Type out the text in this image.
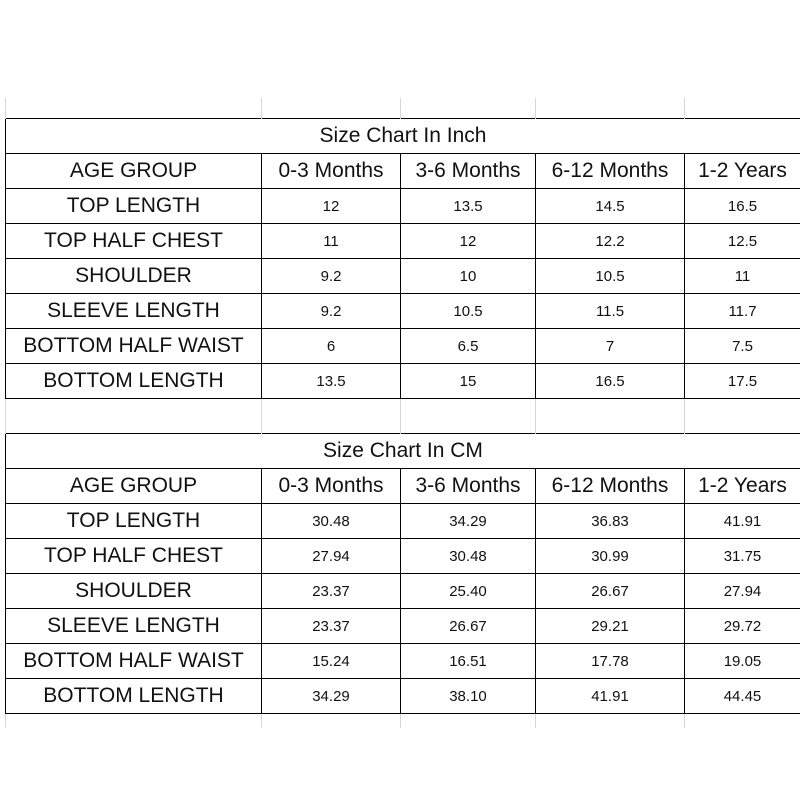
Size Chart In Inch				
AGE GROUP	0-3 Months	3-6 Months	6-12 Months	1-2 Years
TOP LENGTH	12	13.5	14.5	16.5
TOP HALF CHEST	11	12	12.2	12.5
SHOULDER	9.2	10	10.5	11
SLEEVE LENGTH	9.2	10.5	11.5	11.7
BOTTOM HALF WAIST	6	6.5	7	7.5
BOTTOM LENGTH	13.5	15	16.5	17.5

Size Chart In CM				
AGE GROUP	0-3 Months	3-6 Months	6-12 Months	1-2 Years
TOP LENGTH	30.48	34.29	36.83	41.91
TOP HALF CHEST	27.94	30.48	30.99	31.75
SHOULDER	23.37	25.40	26.67	27.94
SLEEVE LENGTH	23.37	26.67	29.21	29.72
BOTTOM HALF WAIST	15.24	16.51	17.78	19.05
BOTTOM LENGTH	34.29	38.10	41.91	44.45
